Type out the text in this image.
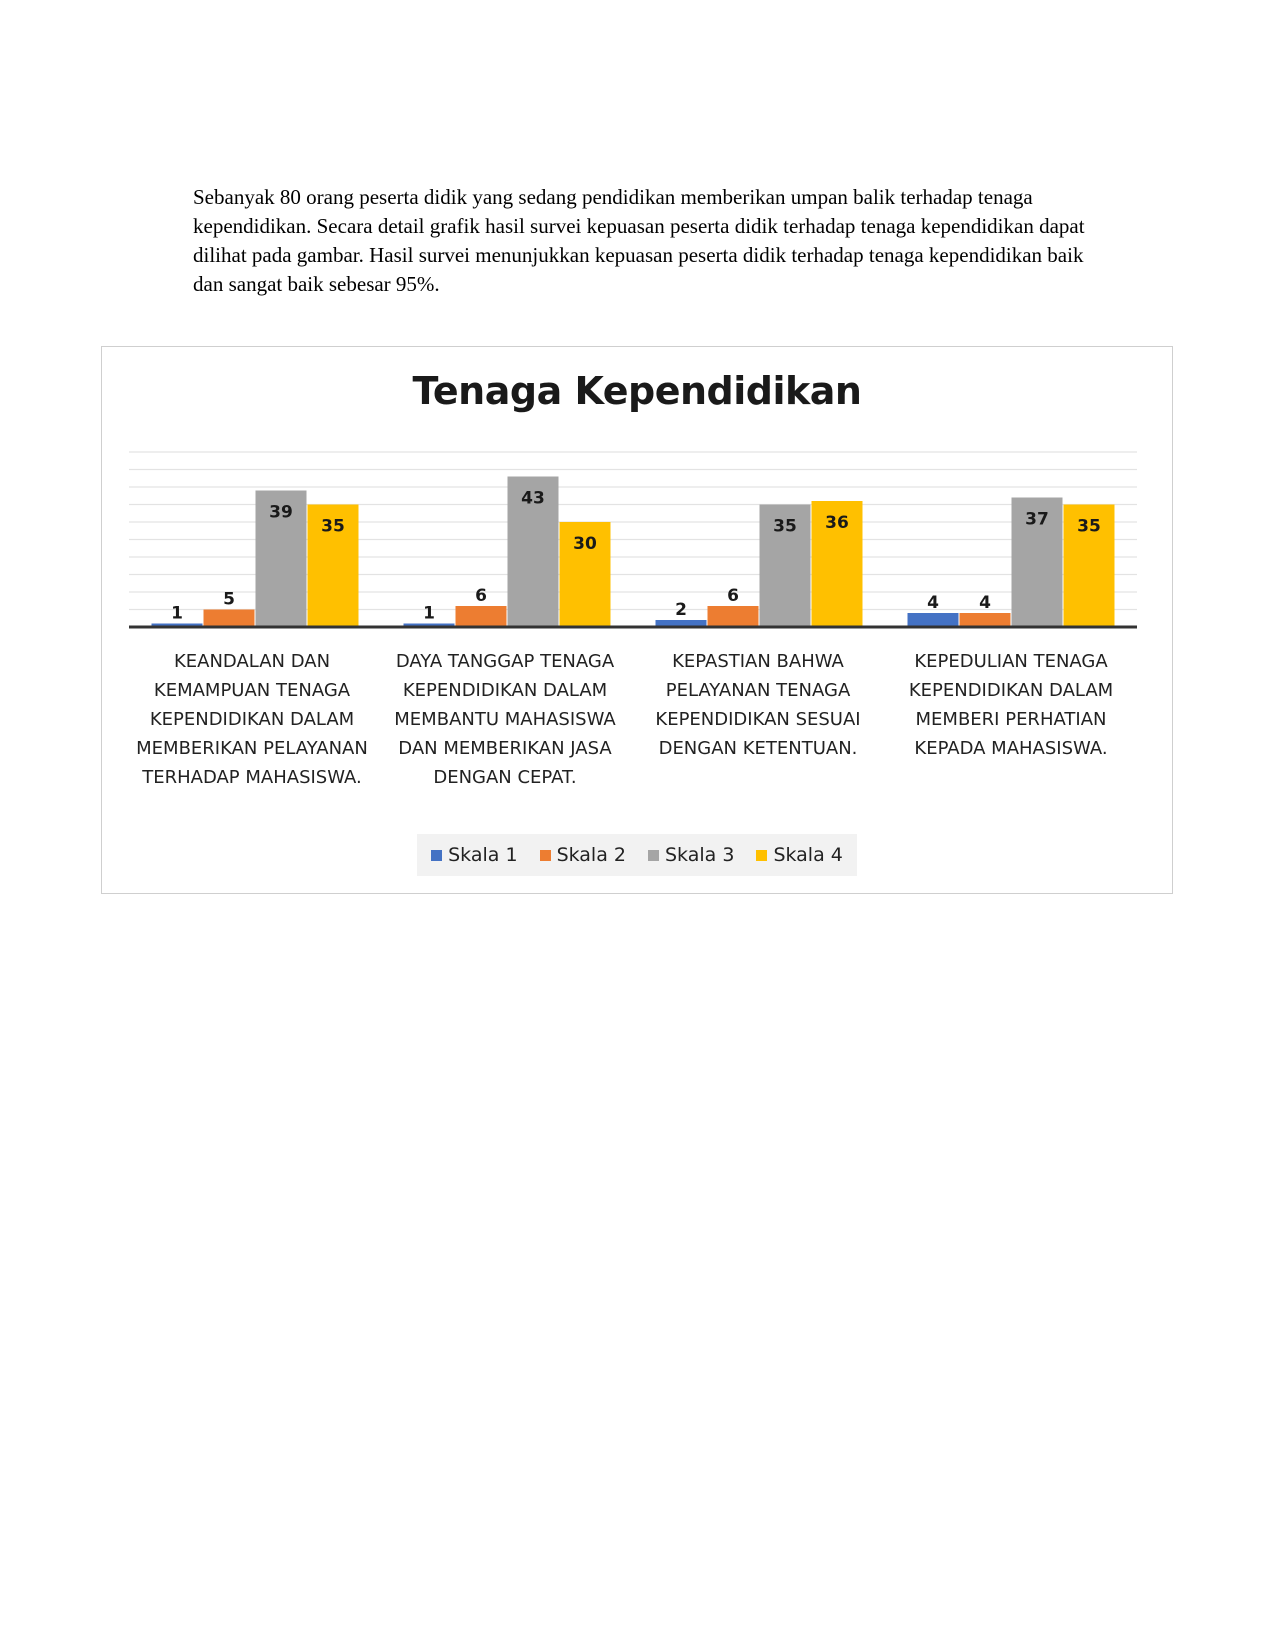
Sebanyak 80 orang peserta didik yang sedang pendidikan memberikan umpan balik terhadap tenaga kependidikan. Secara detail grafik hasil survei kepuasan peserta didik terhadap tenaga kependidikan dapat dilihat pada gambar. Hasil survei menunjukkan kepuasan peserta didik terhadap tenaga kependidikan baik dan sangat baik sebesar 95%.
Tenaga Kependidikan
1
5
39
35
1
6
43
30
2
6
35 36
4 4
37 35
KEANDALAN DAN KEMAMPUAN TENAGA KEPENDIDIKAN DALAM MEMBERIKAN PELAYANAN TERHADAP MAHASISWA.
DAYA TANGGAP TENAGA KEPENDIDIKAN DALAM MEMBANTU MAHASISWA DAN MEMBERIKAN JASA DENGAN CEPAT.
KEPASTIAN BAHWA PELAYANAN TENAGA KEPENDIDIKAN SESUAI DENGAN KETENTUAN.
KEPEDULIAN TENAGA KEPENDIDIKAN DALAM MEMBERI PERHATIAN KEPADA MAHASISWA.
Skala 1 Skala 2 Skala 3 Skala 4
